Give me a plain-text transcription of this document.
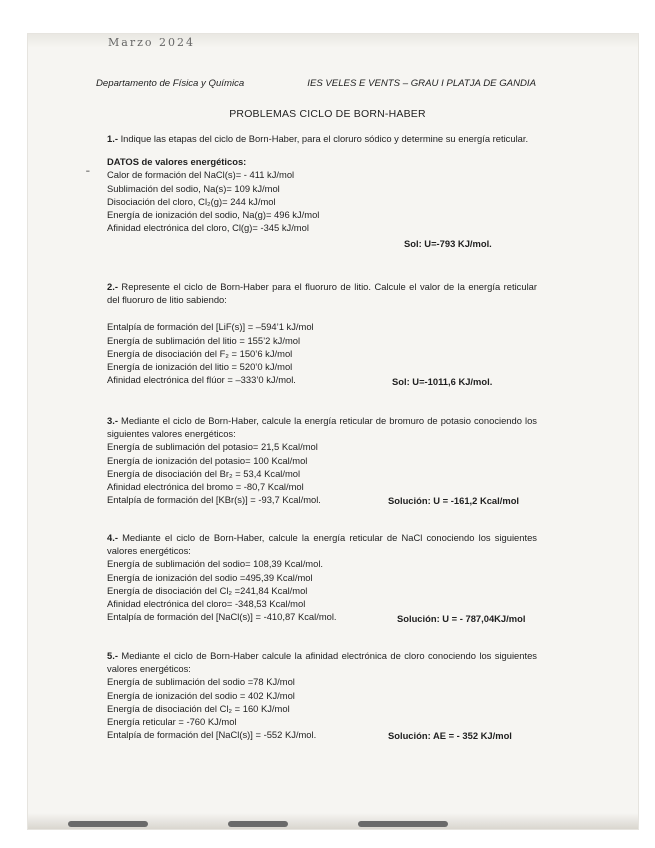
Marzo 2024
Departamento de Física y Química	IES VELES E VENTS – GRAU I PLATJA DE GANDIA
PROBLEMAS CICLO DE BORN-HABER
˗
1.- Indique las etapas del ciclo de Born-Haber, para el cloruro sódico y determine su energía reticular.
DATOS de valores energéticos:
Calor de formación del NaCl(s)= - 411 kJ/mol
Sublimación del sodio, Na(s)= 109 kJ/mol
Disociación del cloro, Cl₂(g)= 244 kJ/mol
Energía de ionización del sodio, Na(g)= 496 kJ/mol
Afinidad electrónica del cloro, Cl(g)= -345 kJ/mol
Sol: U=-793 KJ/mol.
2.- Represente el ciclo de Born-Haber para el fluoruro de litio. Calcule el valor de la energía reticular del fluoruro de litio sabiendo:
Entalpía de formación del [LiF(s)] = –594’1 kJ/mol
Energía de sublimación del litio = 155’2 kJ/mol
Energía de disociación del F₂ = 150’6 kJ/mol
Energía de ionización del litio = 520’0 kJ/mol
Afinidad electrónica del flúor = –333’0 kJ/mol.	Sol: U=-1011,6 KJ/mol.
3.- Mediante el ciclo de Born-Haber, calcule la energía reticular de bromuro de potasio conociendo los siguientes valores energéticos:
Energía de sublimación del potasio= 21,5 Kcal/mol
Energía de ionización del potasio= 100 Kcal/mol
Energía de disociación del Br₂ = 53,4 Kcal/mol
Afinidad electrónica del bromo = -80,7 Kcal/mol
Entalpía de formación del [KBr(s)] = -93,7 Kcal/mol.	Solución: U = -161,2 Kcal/mol
4.- Mediante el ciclo de Born-Haber, calcule la energía reticular de NaCl conociendo los siguientes valores energéticos:
Energía de sublimación del sodio= 108,39 Kcal/mol.
Energía de ionización del sodio =495,39 Kcal/mol
Energía de disociación del Cl₂ =241,84 Kcal/mol
Afinidad electrónica del cloro= -348,53 Kcal/mol
Entalpía de formación del [NaCl(s)] = -410,87 Kcal/mol.	Solución: U = - 787,04KJ/mol
5.- Mediante el ciclo de Born-Haber calcule la afinidad electrónica de cloro conociendo los siguientes valores energéticos:
Energía de sublimación del sodio =78 KJ/mol
Energía de ionización del sodio = 402 KJ/mol
Energía de disociación del Cl₂ = 160 KJ/mol
Energía reticular = -760 KJ/mol
Entalpía de formación del [NaCl(s)] = -552 KJ/mol.	Solución: AE = - 352 KJ/mol
